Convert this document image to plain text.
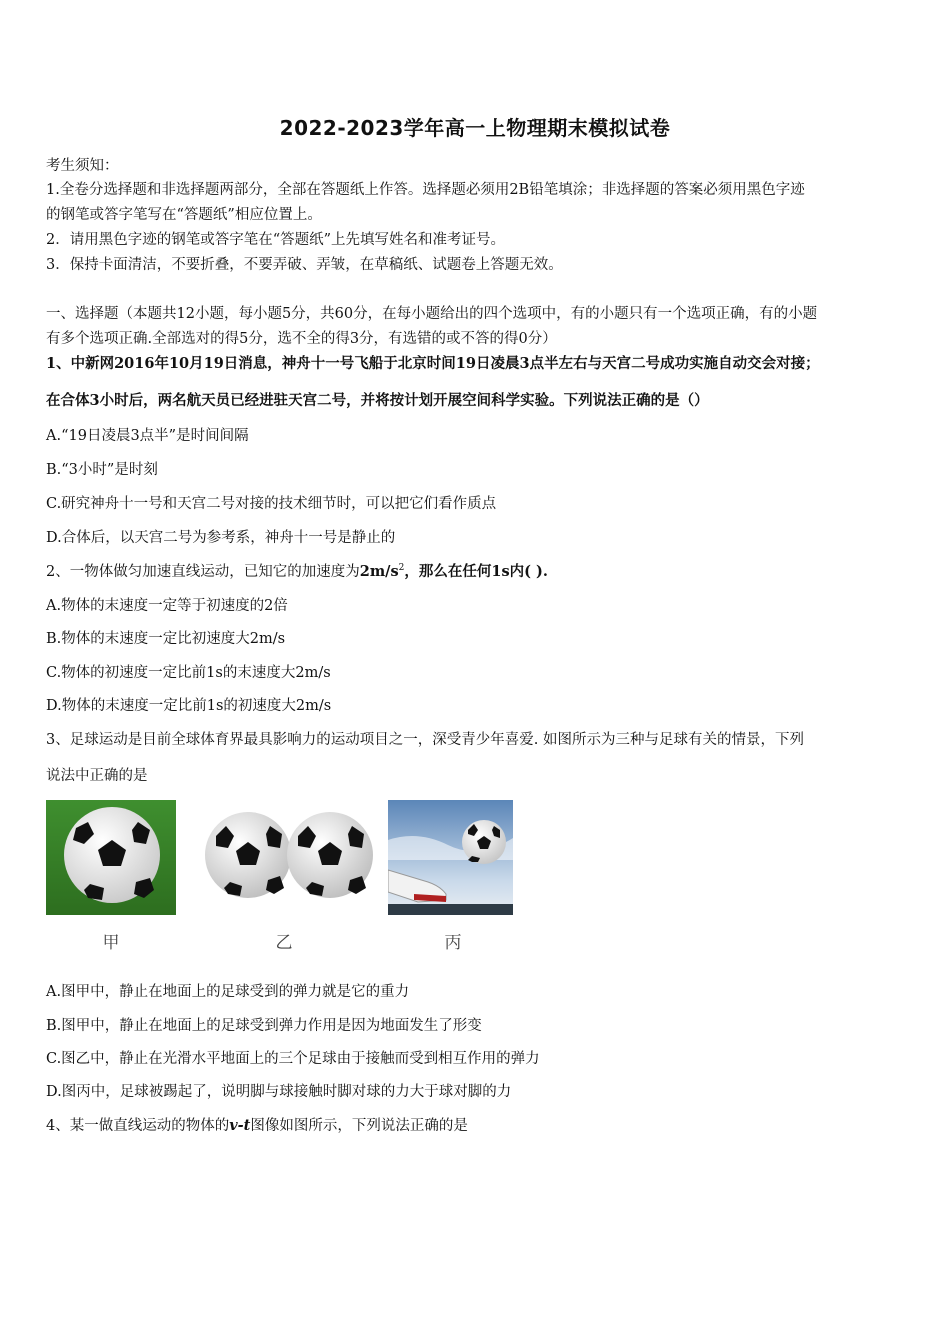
2022-2023学年高一上物理期末模拟试卷
考生须知：
1.全卷分选择题和非选择题两部分，全部在答题纸上作答。选择题必须用2B铅笔填涂；非选择题的答案必须用黑色字迹
的钢笔或答字笔写在“答题纸”相应位置上。
2．请用黑色字迹的钢笔或答字笔在“答题纸”上先填写姓名和准考证号。
3．保持卡面清洁，不要折叠，不要弄破、弄皱，在草稿纸、试题卷上答题无效。
一、选择题（本题共12小题，每小题5分，共60分，在每小题给出的四个选项中，有的小题只有一个选项正确，有的小题
有多个选项正确.全部选对的得5分，选不全的得3分，有选错的或不答的得0分）
1、中新网2016年10月19日消息，神舟十一号飞船于北京时间19日凌晨3点半左右与天宫二号成功实施自动交会对接；
在合体3小时后，两名航天员已经进驻天宫二号，并将按计划开展空间科学实验。下列说法正确的是（）
A.“19日凌晨3点半”是时间间隔
B.“3小时”是时刻
C.研究神舟十一号和天宫二号对接的技术细节时，可以把它们看作质点
D.合体后，以天宫二号为参考系，神舟十一号是静止的
2、一物体做匀加速直线运动，已知它的加速度为$2m/s^2$，那么在任何1s内( ).
A.物体的末速度一定等于初速度的2倍
B.物体的末速度一定比初速度大2m/s
C.物体的初速度一定比前1s的末速度大2m/s
D.物体的末速度一定比前1s的初速度大2m/s
3、足球运动是目前全球体育界最具影响力的运动项目之一，深受青少年喜爱. 如图所示为三种与足球有关的情景，下列
说法中正确的是
甲	乙	丙
A.图甲中，静止在地面上的足球受到的弹力就是它的重力
B.图甲中，静止在地面上的足球受到弹力作用是因为地面发生了形变
C.图乙中，静止在光滑水平地面上的三个足球由于接触而受到相互作用的弹力
D.图丙中，足球被踢起了，说明脚与球接触时脚对球的力大于球对脚的力
4、某一做直线运动的物体的v-t图像如图所示，下列说法正确的是
